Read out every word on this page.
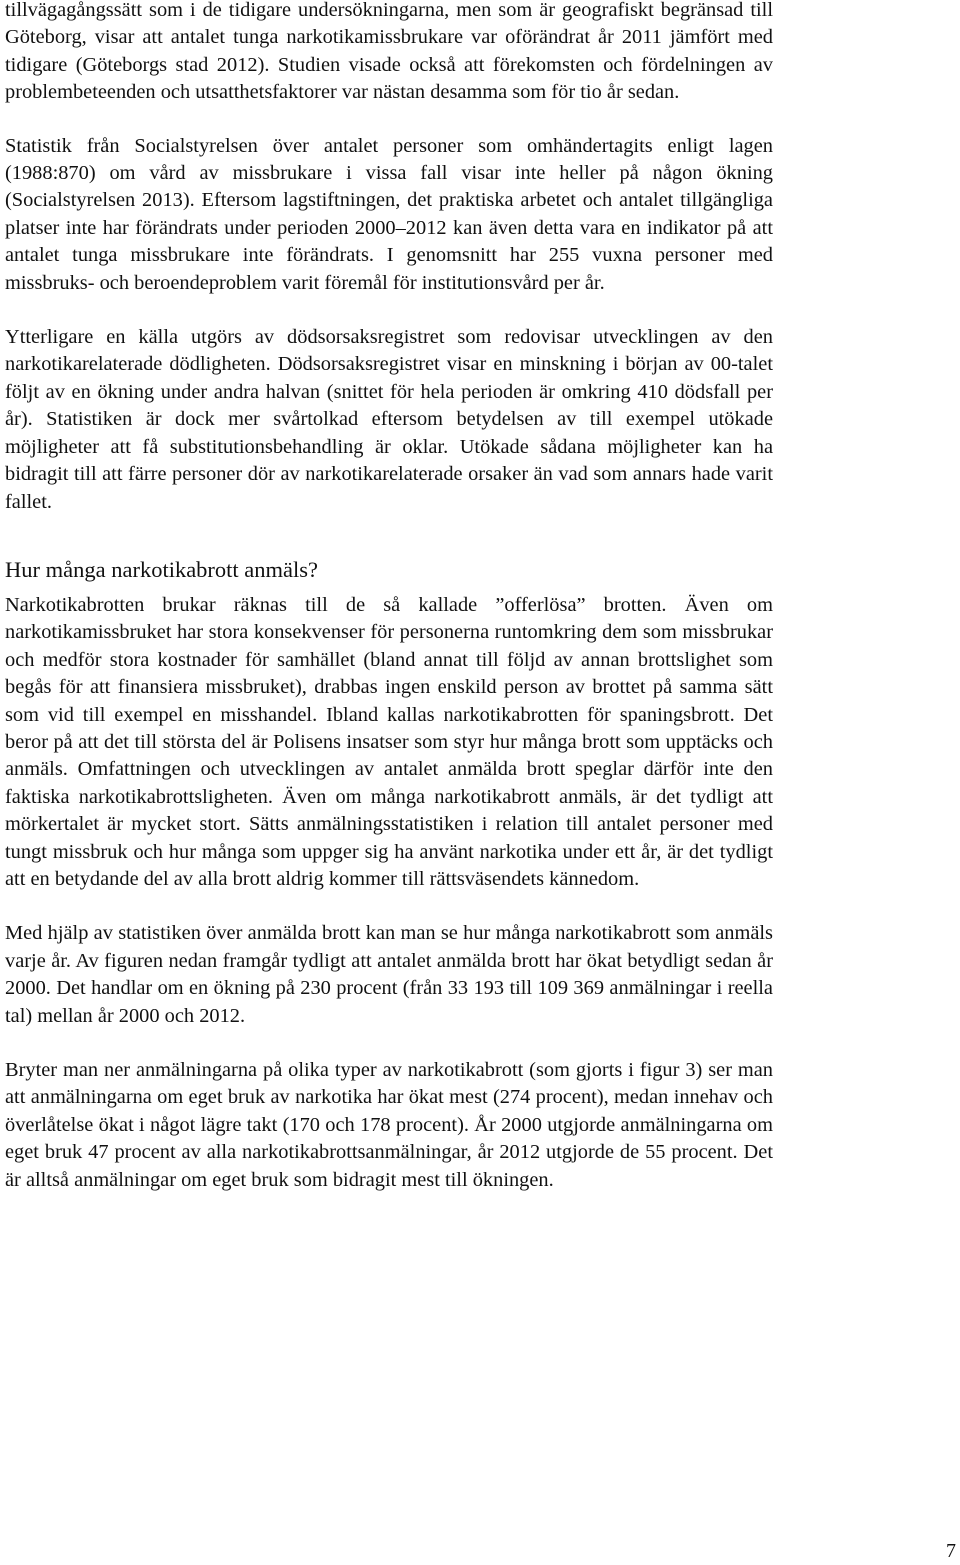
tillvägagångssätt som i de tidigare undersökningarna, men som är geografiskt begränsad till Göteborg, visar att antalet tunga narkotikamissbrukare var oförändrat år 2011 jämfört med tidigare (Göteborgs stad 2012). Studien visade också att förekomsten och fördelningen av problembeteenden och utsatthetsfaktorer var nästan desamma som för tio år sedan.

Statistik från Socialstyrelsen över antalet personer som omhändertagits enligt lagen (1988:870) om vård av missbrukare i vissa fall visar inte heller på någon ökning (Socialstyrelsen 2013). Eftersom lagstiftningen, det praktiska arbetet och antalet tillgängliga platser inte har förändrats under perioden 2000–2012 kan även detta vara en indikator på att antalet tunga missbrukare inte förändrats. I genomsnitt har 255 vuxna personer med missbruks- och beroendeproblem varit föremål för institutionsvård per år.

Ytterligare en källa utgörs av dödsorsaksregistret som redovisar utvecklingen av den narkotikarelaterade dödligheten. Dödsorsaksregistret visar en minskning i början av 00-talet följt av en ökning under andra halvan (snittet för hela perioden är omkring 410 dödsfall per år). Statistiken är dock mer svårtolkad eftersom betydelsen av till exempel utökade möjligheter att få substitutionsbehandling är oklar. Utökade sådana möjligheter kan ha bidragit till att färre personer dör av narkotikarelaterade orsaker än vad som annars hade varit fallet.

Hur många narkotikabrott anmäls?

Narkotikabrotten brukar räknas till de så kallade ”offerlösa” brotten. Även om narkotikamissbruket har stora konsekvenser för personerna runtomkring dem som missbrukar och medför stora kostnader för samhället (bland annat till följd av annan brottslighet som begås för att finansiera missbruket), drabbas ingen enskild person av brottet på samma sätt som vid till exempel en misshandel. Ibland kallas narkotikabrotten för spaningsbrott. Det beror på att det till största del är Polisens insatser som styr hur många brott som upptäcks och anmäls. Omfattningen och utvecklingen av antalet anmälda brott speglar därför inte den faktiska narkotikabrottsligheten. Även om många narkotikabrott anmäls, är det tydligt att mörkertalet är mycket stort. Sätts anmälningsstatistiken i relation till antalet personer med tungt missbruk och hur många som uppger sig ha använt narkotika under ett år, är det tydligt att en betydande del av alla brott aldrig kommer till rättsväsendets kännedom.

Med hjälp av statistiken över anmälda brott kan man se hur många narkotikabrott som anmäls varje år. Av figuren nedan framgår tydligt att antalet anmälda brott har ökat betydligt sedan år 2000. Det handlar om en ökning på 230 procent (från 33 193 till 109 369 anmälningar i reella tal) mellan år 2000 och 2012.

Bryter man ner anmälningarna på olika typer av narkotikabrott (som gjorts i figur 3) ser man att anmälningarna om eget bruk av narkotika har ökat mest (274 procent), medan innehav och överlåtelse ökat i något lägre takt (170 och 178 procent). År 2000 utgjorde anmälningarna om eget bruk 47 procent av alla narkotikabrottsanmälningar, år 2012 utgjorde de 55 procent. Det är alltså anmälningar om eget bruk som bidragit mest till ökningen.

7
